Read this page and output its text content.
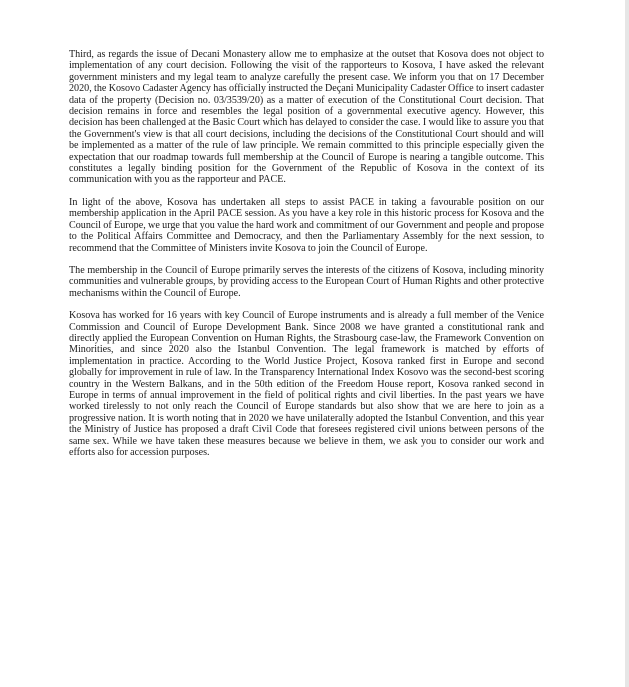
Third, as regards the issue of Decani Monastery allow me to emphasize at the outset that Kosova does not object to implementation of any court decision. Following the visit of the rapporteurs to Kosova, I have asked the relevant government ministers and my legal team to analyze carefully the present case. We inform you that on 17 December 2020, the Kosovo Cadaster Agency has officially instructed the Deçani Municipality Cadaster Office to insert cadaster data of the property (Decision no. 03/3539/20) as a matter of execution of the Constitutional Court decision. That decision remains in force and resembles the legal position of a governmental executive agency. However, this decision has been challenged at the Basic Court which has delayed to consider the case. I would like to assure you that the Government's view is that all court decisions, including the decisions of the Constitutional Court should and will be implemented as a matter of the rule of law principle. We remain committed to this principle especially given the expectation that our roadmap towards full membership at the Council of Europe is nearing a tangible outcome. This constitutes a legally binding position for the Government of the Republic of Kosova in the context of its communication with you as the rapporteur and PACE.

In light of the above, Kosova has undertaken all steps to assist PACE in taking a favourable position on our membership application in the April PACE session. As you have a key role in this historic process for Kosova and the Council of Europe, we urge that you value the hard work and commitment of our Government and people and propose to the Political Affairs Committee and Democracy, and then the Parliamentary Assembly for the next session, to recommend that the Committee of Ministers invite Kosova to join the Council of Europe.

The membership in the Council of Europe primarily serves the interests of the citizens of Kosova, including minority communities and vulnerable groups, by providing access to the European Court of Human Rights and other protective mechanisms within the Council of Europe.

Kosova has worked for 16 years with key Council of Europe instruments and is already a full member of the Venice Commission and Council of Europe Development Bank. Since 2008 we have granted a constitutional rank and directly applied the European Convention on Human Rights, the Strasbourg case-law, the Framework Convention on Minorities, and since 2020 also the Istanbul Convention. The legal framework is matched by efforts of implementation in practice. According to the World Justice Project, Kosova ranked first in Europe and second globally for improvement in rule of law. In the Transparency International Index Kosovo was the second-best scoring country in the Western Balkans, and in the 50th edition of the Freedom House report, Kosova ranked second in Europe in terms of annual improvement in the field of political rights and civil liberties. In the past years we have worked tirelessly to not only reach the Council of Europe standards but also show that we are here to join as a progressive nation. It is worth noting that in 2020 we have unilaterally adopted the Istanbul Convention, and this year the Ministry of Justice has proposed a draft Civil Code that foresees registered civil unions between persons of the same sex. While we have taken these measures because we believe in them, we ask you to consider our work and efforts also for accession purposes.
